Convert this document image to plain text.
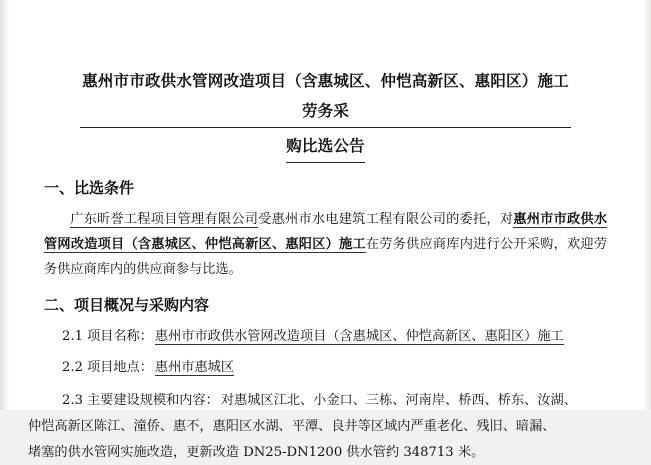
惠州市市政供水管网改造项目（含惠城区、仲恺高新区、惠阳区）施工劳务采 购比选公告
一、比选条件
广东昕誉工程项目管理有限公司受惠州市水电建筑工程有限公司的委托，对惠州市市政供水管网改造项目（含惠城区、仲恺高新区、惠阳区）施工在劳务供应商库内进行公开采购，欢迎劳务供应商库内的供应商参与比选。
二、项目概况与采购内容
2.1 项目名称： 惠州市市政供水管网改造项目（含惠城区、仲恺高新区、惠阳区）施工
2.2 项目地点： 惠州市惠城区
2.3 主要建设规模和内容： 对惠城区江北、小金口、三栋、河南岸、桥西、桥东、汝湖、
仲恺高新区陈江、潼侨、惠不，惠阳区水湖、平潭、良井等区域内严重老化、残旧、暗漏、
堵塞的供水管网实施改造，更新改造 DN25-DN1200 供水管约 348713 米。
